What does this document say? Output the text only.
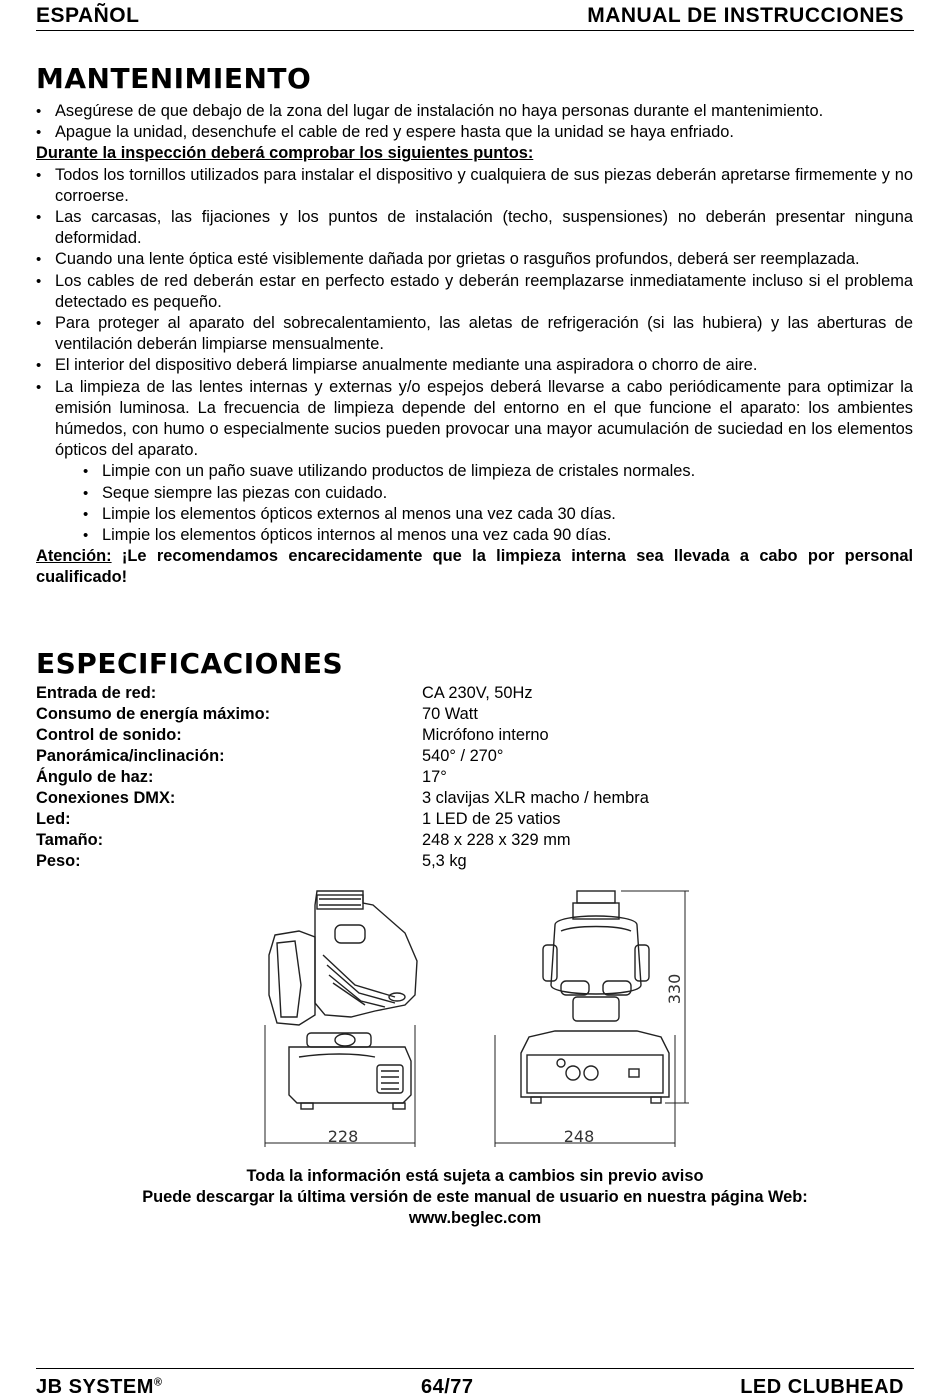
ESPAÑOL	MANUAL DE INSTRUCCIONES
MANTENIMIENTO
• Asegúrese de que debajo de la zona del lugar de instalación no haya personas durante el mantenimiento.
• Apague la unidad, desenchufe el cable de red y espere hasta que la unidad se haya enfriado.
Durante la inspección deberá comprobar los siguientes puntos:
• Todos los tornillos utilizados para instalar el dispositivo y cualquiera de sus piezas deberán apretarse firmemente y no corroerse.
• Las carcasas, las fijaciones y los puntos de instalación (techo, suspensiones) no deberán presentar ninguna deformidad.
• Cuando una lente óptica esté visiblemente dañada por grietas o rasguños profundos, deberá ser reemplazada.
• Los cables de red deberán estar en perfecto estado y deberán reemplazarse inmediatamente incluso si el problema detectado es pequeño.
• Para proteger al aparato del sobrecalentamiento, las aletas de refrigeración (si las hubiera) y las aberturas de ventilación deberán limpiarse mensualmente.
• El interior del dispositivo deberá limpiarse anualmente mediante una aspiradora o chorro de aire.
• La limpieza de las lentes internas y externas y/o espejos deberá llevarse a cabo periódicamente para optimizar la emisión luminosa. La frecuencia de limpieza depende del entorno en el que funcione el aparato: los ambientes húmedos, con humo o especialmente sucios pueden provocar una mayor acumulación de suciedad en los elementos ópticos del aparato.
• Limpie con un paño suave utilizando productos de limpieza de cristales normales.
• Seque siempre las piezas con cuidado.
• Limpie los elementos ópticos externos al menos una vez cada 30 días.
• Limpie los elementos ópticos internos al menos una vez cada 90 días.
Atención: ¡Le recomendamos encarecidamente que la limpieza interna sea llevada a cabo por personal cualificado!
ESPECIFICACIONES
Entrada de red:	CA 230V, 50Hz
Consumo de energía máximo:	70 Watt
Control de sonido:	Micrófono interno
Panorámica/inclinación:	540° / 270°
Ángulo de haz:	17°
Conexiones DMX:	3 clavijas XLR macho / hembra
Led:	1 LED de 25 vatios
Tamaño:	248 x 228 x 329 mm
Peso:	5,3 kg
228
330
248
Toda la información está sujeta a cambios sin previo aviso
Puede descargar la última versión de este manual de usuario en nuestra página Web:
www.beglec.com
JB SYSTEM®	64/77	LED CLUBHEAD
